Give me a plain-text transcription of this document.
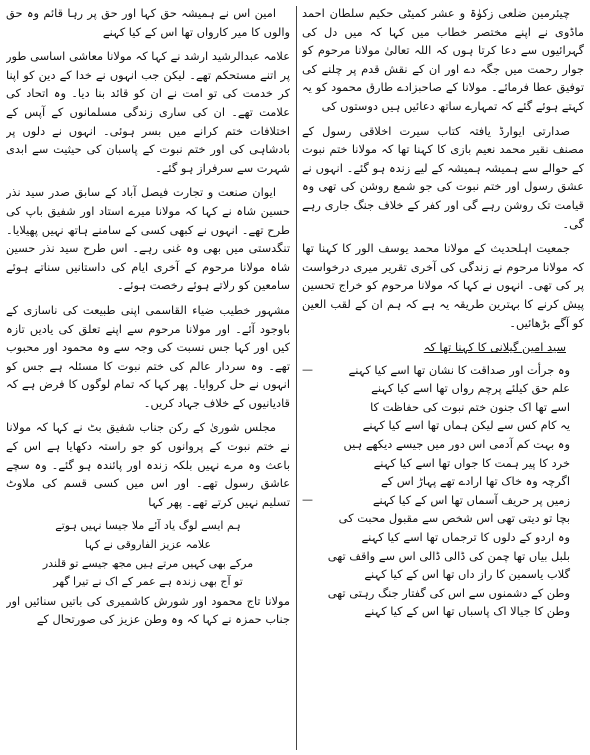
چیئرمین ضلعی زکوٰۃ و عشر کمیٹی حکیم سلطان احمد ماڈوی نے اپنے مختصر خطاب میں کہا کہ میں دل کی گہرائیوں سے دعا کرتا ہوں کہ اللہ تعالیٰ مولانا مرحوم کو جوار رحمت میں جگہ دے اور ان کے نقش قدم پر چلنے کی توفیق عطا فرمائے۔ مولانا کے صاحبزادے طارق محمود کو یہ کہتے ہوئے گئے کہ تمہارے ساتھ دعائیں ہیں دوستوں کی

صدارتی ایوارڈ یافتہ کتاب سیرت اخلاقی رسول کے مصنف نقیر محمد نعیم بازی کا کہنا تھا کہ مولانا ختم نبوت کے حوالے سے ہمیشہ ہمیشہ کے لیے زندہ ہو گئے۔ انہوں نے عشق رسول اور ختم نبوت کی جو شمع روشن کی تھی وہ قیامت تک روشن رہے گی اور کفر کے خلاف جنگ جاری رہے گی۔

جمعیت اہلحدیث کے مولانا محمد یوسف الور کا کہنا تھا کہ مولانا مرحوم نے زندگی کی آخری تقریر میری درخواست پر کی تھی۔ انہوں نے کہا کہ مولانا مرحوم کو خراج تحسین پیش کرنے کا بہترین طریقہ یہ ہے کہ ہم ان کے لقب العین کو آگے بڑھائیں۔

سید امین گیلانی کا کہنا تھا کہ

—	وہ جرأت اور صداقت کا نشان تھا اسے کیا کہنے

علم حق کیلئے پرچم رواں تھا اسے کیا کہنے

اسے تھا اک جنون ختم نبوت کی حفاظت کا

یہ کام کس سے لیکن ہماں تھا اسے کیا کہنے

وہ بہت کم آدمی اس دور میں جیسے دیکھے ہیں

خرد کا پیر ہمت کا جواں تھا اسے کیا کہنے

اگرچہ وہ خاک تھا ارادے تھے پہاڑ اس کے

—	زمیں پر حریف آسماں تھا اس کے کیا کہنے

بچا تو دیتی تھی اس شخص سے مقبول محبت کی

وہ اردو کے دلوں کا ترجماں تھا اسے کیا کہنے

بلبل بیاں تھا چمن کی ڈالی ڈالی اس سے واقف تھی

گلاب یاسمین کا راز داں تھا اس کے کیا کہنے

وطن کے دشمنوں سے اس کی گفتار جنگ رہتی تھی

وطن کا جیالا اک پاسباں تھا اس کے کیا کہنے

امین اس نے ہمیشہ حق کہا اور حق پر رہا قائم وہ حق والوں کا میر کارواں تھا اس کے کیا کہنے

علامہ عبدالرشید ارشد نے کہا کہ مولانا معاشی اساسی طور پر اتنے مستحکم تھے۔ لیکن جب انہوں نے خدا کے دین کو اپنا کر خدمت کی تو امت نے ان کو قائد بنا دیا۔ وہ اتحاد کی علامت تھے۔ ان کی ساری زندگی مسلمانوں کے آپس کے اختلافات ختم کرانے میں بسر ہوئی۔ انہوں نے دلوں پر بادشاہی کی اور ختم نبوت کے پاسبان کی حیثیت سے ابدی شہرت سے سرفراز ہو گئے۔

ایوان صنعت و تجارت فیصل آباد کے سابق صدر سید نذر حسین شاہ نے کہا کہ مولانا میرے استاد اور شفیق باپ کی طرح تھے۔ انہوں نے کبھی کسی کے سامنے ہاتھ نہیں پھیلایا۔ تنگدستی میں بھی وہ غنی رہے۔ اس طرح سید نذر حسین شاہ مولانا مرحوم کے آخری ایام کی داستانیں سناتے ہوئے سامعین کو رلاتے ہوئے رخصت ہوئے۔

مشہور خطیب ضیاء القاسمی اپنی طبیعت کی ناسازی کے باوجود آئے۔ اور مولانا مرحوم سے اپنے تعلق کی یادیں تازہ کیں اور کہا جس نسبت کی وجہ سے وہ محمود اور محبوب تھے۔ وہ سردار عالم کی ختم نبوت کا مسئلہ ہے جس کو انہوں نے حل کروایا۔ پھر کہا کہ تمام لوگوں کا فرض ہے کہ قادیانیوں کے خلاف جہاد کریں۔

مجلس شوریٰ کے رکن جناب شفیق بٹ نے کہا کہ مولانا نے ختم نبوت کے پروانوں کو جو راستہ دکھایا ہے اس کے باعث وہ مرے نہیں بلکہ زندہ اور پائندہ ہو گئے۔ وہ سچے عاشق رسول تھے۔ اور اس میں کسی قسم کی ملاوٹ تسلیم نہیں کرتے تھے۔ پھر کہا

ہم ایسے لوگ یاد آئے ملا جیسا نہیں ہوتے

علامہ عزیز الفاروقی نے کہا

مرکے بھی کہیں مرتے ہیں مجھ جیسے تو قلندر

تو آج بھی زندہ ہے عمر کے اک نے تیرا گھر

مولانا تاج محمود اور شورش کاشمیری کی باتیں سنائیں اور جناب حمزہ نے کہا کہ وہ وطن عزیز کی صورتحال کے
